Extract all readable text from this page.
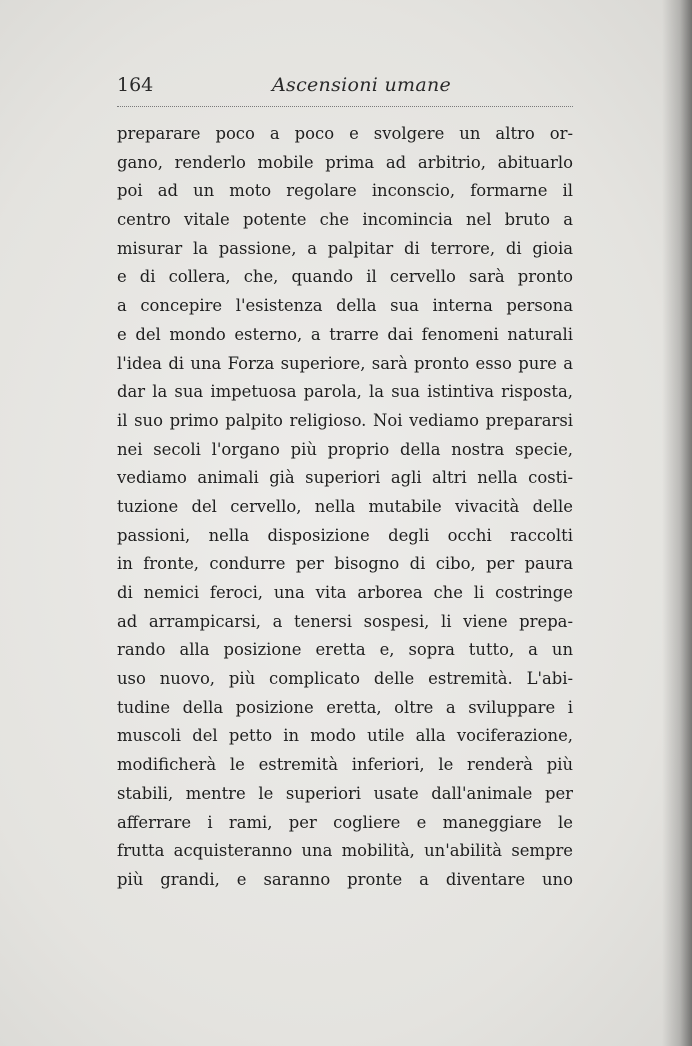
164	Ascensioni umane
preparare poco a poco e svolgere un altro or-
gano, renderlo mobile prima ad arbitrio, abituarlo
poi ad un moto regolare inconscio, formarne il
centro vitale potente che incomincia nel bruto a
misurar la passione, a palpitar di terrore, di gioia
e di collera, che, quando il cervello sarà pronto
a concepire l'esistenza della sua interna persona
e del mondo esterno, a trarre dai fenomeni naturali
l'idea di una Forza superiore, sarà pronto esso pure a
dar la sua impetuosa parola, la sua istintiva risposta,
il suo primo palpito religioso. Noi vediamo prepararsi
nei secoli l'organo più proprio della nostra specie,
vediamo animali già superiori agli altri nella costi-
tuzione del cervello, nella mutabile vivacità delle
passioni, nella disposizione degli occhi raccolti
in fronte, condurre per bisogno di cibo, per paura
di nemici feroci, una vita arborea che li costringe
ad arrampicarsi, a tenersi sospesi, li viene prepa-
rando alla posizione eretta e, sopra tutto, a un
uso nuovo, più complicato delle estremità. L'abi-
tudine della posizione eretta, oltre a sviluppare i
muscoli del petto in modo utile alla vociferazione,
modificherà le estremità inferiori, le renderà più
stabili, mentre le superiori usate dall'animale per
afferrare i rami, per cogliere e maneggiare le
frutta acquisteranno una mobilità, un'abilità sempre
più grandi, e saranno pronte a diventare uno
